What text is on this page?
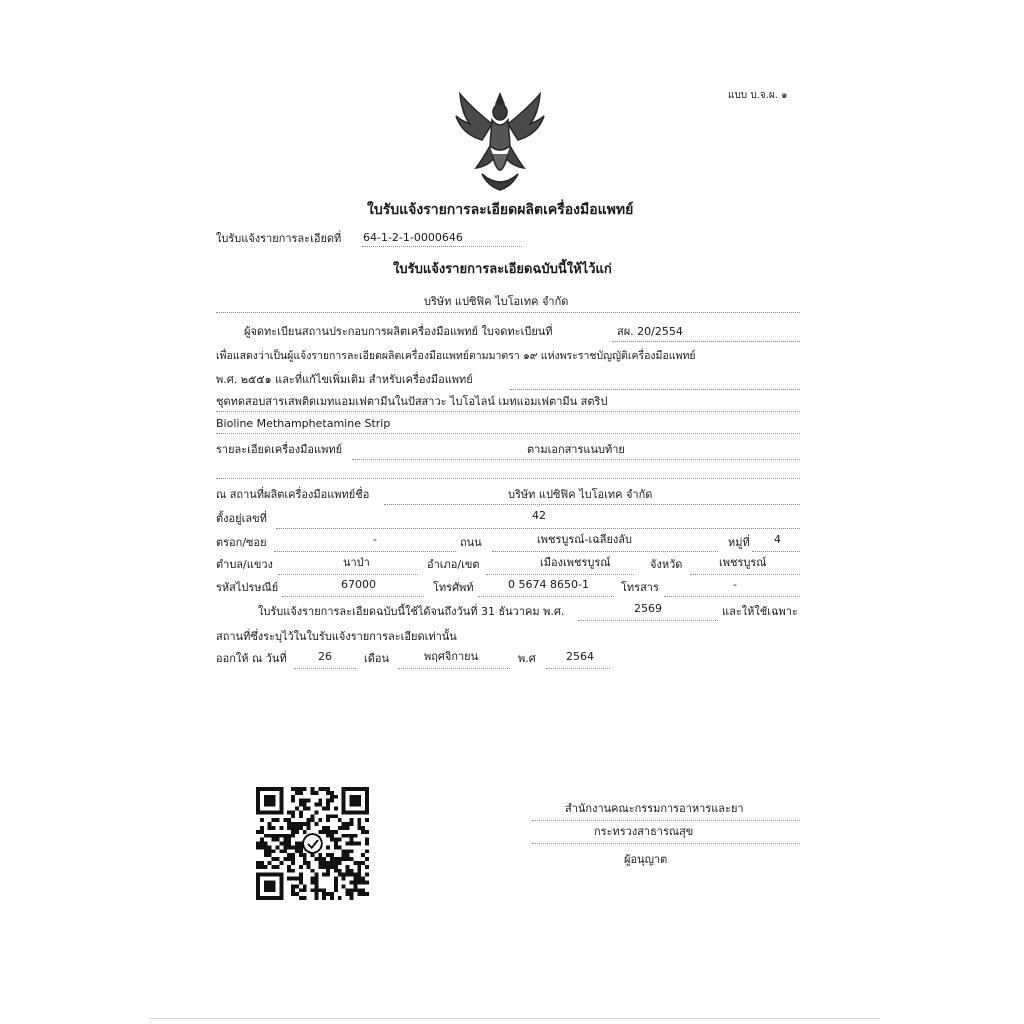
แบบ บ.จ.ผ. ๑
ใบรับแจ้งรายการละเอียดผลิตเครื่องมือแพทย์
ใบรับแจ้งรายการละเอียดที่ 64-1-2-1-0000646
ใบรับแจ้งรายการละเอียดฉบับนี้ให้ไว้แก่
บริษัท แปซิฟิค ไบโอเทค จำกัด
ผู้จดทะเบียนสถานประกอบการผลิตเครื่องมือแพทย์ ใบจดทะเบียนที่	สผ. 20/2554
เพื่อแสดงว่าเป็นผู้แจ้งรายการละเอียดผลิตเครื่องมือแพทย์ตามมาตรา ๑๙ แห่งพระราชบัญญัติเครื่องมือแพทย์
พ.ศ. ๒๕๕๑ และที่แก้ไขเพิ่มเติม สำหรับเครื่องมือแพทย์
ชุดทดสอบสารเสพติดเมทแอมเฟตามีนในปัสสาวะ ไบโอไลน์ เมทแอมเฟตามีน สตริป
Bioline Methamphetamine Strip
รายละเอียดเครื่องมือแพทย์	ตามเอกสารแนบท้าย
ณ สถานที่ผลิตเครื่องมือแพทย์ชื่อ	บริษัท แปซิฟิค ไบโอเทค จำกัด
ตั้งอยู่เลขที่	42
ตรอก/ซอย	-	ถนน	เพชรบูรณ์-เฉลียงลับ	หมู่ที่ 4
ตำบล/แขวง	นาป่า	อำเภอ/เขต	เมืองเพชรบูรณ์	จังหวัด	เพชรบูรณ์
รหัสไปรษณีย์	67000	โทรศัพท์	0 5674 8650-1	โทรสาร	-
ใบรับแจ้งรายการละเอียดฉบับนี้ใช้ได้จนถึงวันที่ 31 ธันวาคม พ.ศ.	2569	และให้ใช้เฉพาะ
สถานที่ซึ่งระบุไว้ในใบรับแจ้งรายการละเอียดเท่านั้น
ออกให้ ณ วันที่	26	เดือน	พฤศจิกายน	พ.ศ	2564
สำนักงานคณะกรรมการอาหารและยา
กระทรวงสาธารณสุข
ผู้อนุญาต
